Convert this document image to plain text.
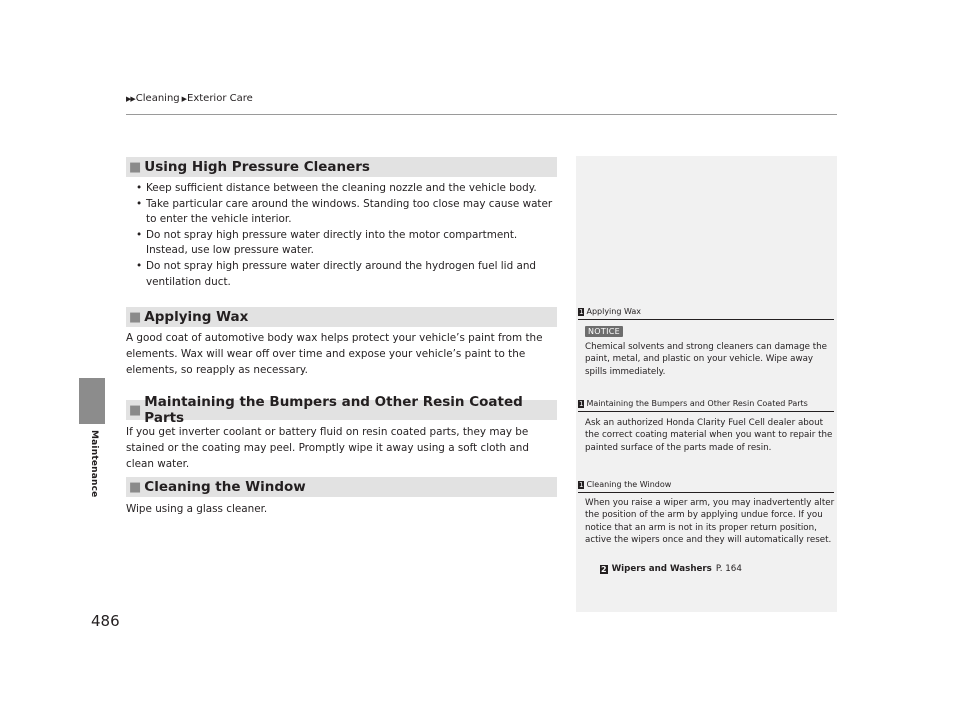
▶▶ Cleaning ▶ Exterior Care
Maintenance
486
■ Using High Pressure Cleaners
• Keep sufficient distance between the cleaning nozzle and the vehicle body.
• Take particular care around the windows. Standing too close may cause water to enter the vehicle interior.
• Do not spray high pressure water directly into the motor compartment. Instead, use low pressure water.
• Do not spray high pressure water directly around the hydrogen fuel lid and ventilation duct.
■ Applying Wax

A good coat of automotive body wax helps protect your vehicle’s paint from the elements. Wax will wear off over time and expose your vehicle’s paint to the elements, so reapply as necessary.

■ Maintaining the Bumpers and Other Resin Coated Parts

If you get inverter coolant or battery fluid on resin coated parts, they may be stained or the coating may peel. Promptly wipe it away using a soft cloth and clean water.

■ Cleaning the Window

Wipe using a glass cleaner.

1 Applying Wax
NOTICE

Chemical solvents and strong cleaners can damage the paint, metal, and plastic on your vehicle. Wipe away spills immediately.

1 Maintaining the Bumpers and Other Resin Coated Parts

Ask an authorized Honda Clarity Fuel Cell dealer about the correct coating material when you want to repair the painted surface of the parts made of resin.

1 Cleaning the Window

When you raise a wiper arm, you may inadvertently alter the position of the arm by applying undue force. If you notice that an arm is not in its proper return position, active the wipers once and they will automatically reset.

2 Wipers and Washers P. 164
